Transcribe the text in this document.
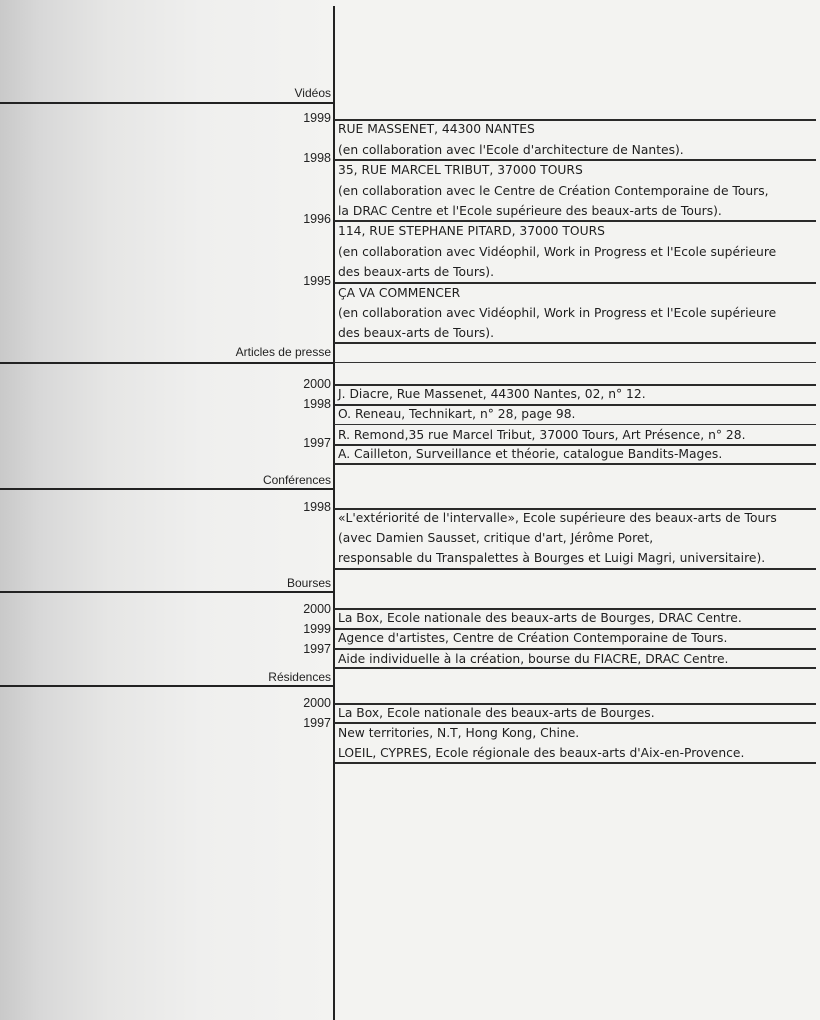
Vidéos
1999
1998
1996
1995
RUE MASSENET, 44300 NANTES
(en collaboration avec l'Ecole d'architecture de Nantes).
35, RUE MARCEL TRIBUT, 37000 TOURS
(en collaboration avec le Centre de Création Contemporaine de Tours,
la DRAC Centre et l'Ecole supérieure des beaux-arts de Tours).
114, RUE STEPHANE PITARD, 37000 TOURS
(en collaboration avec Vidéophil, Work in Progress et l'Ecole supérieure
des beaux-arts de Tours).
ÇA VA COMMENCER
(en collaboration avec Vidéophil, Work in Progress et l'Ecole supérieure
des beaux-arts de Tours).
Articles de presse
2000
1998
1997
J. Diacre, Rue Massenet, 44300 Nantes, 02, n° 12.
O. Reneau, Technikart, n° 28, page 98.
R. Remond,35 rue Marcel Tribut, 37000 Tours, Art Présence, n° 28.
A. Cailleton, Surveillance et théorie, catalogue Bandits-Mages.
Conférences
1998
«L'extériorité de l'intervalle», Ecole supérieure des beaux-arts de Tours
(avec Damien Sausset, critique d'art, Jérôme Poret,
responsable du Transpalettes à Bourges et Luigi Magri, universitaire).
Bourses
2000
1999
1997
La Box, Ecole nationale des beaux-arts de Bourges, DRAC Centre.
Agence d'artistes, Centre de Création Contemporaine de Tours.
Aide individuelle à la création, bourse du FIACRE, DRAC Centre.
Résidences
2000
1997
La Box, Ecole nationale des beaux-arts de Bourges.
New territories, N.T, Hong Kong, Chine.
LOEIL, CYPRES, Ecole régionale des beaux-arts d'Aix-en-Provence.
